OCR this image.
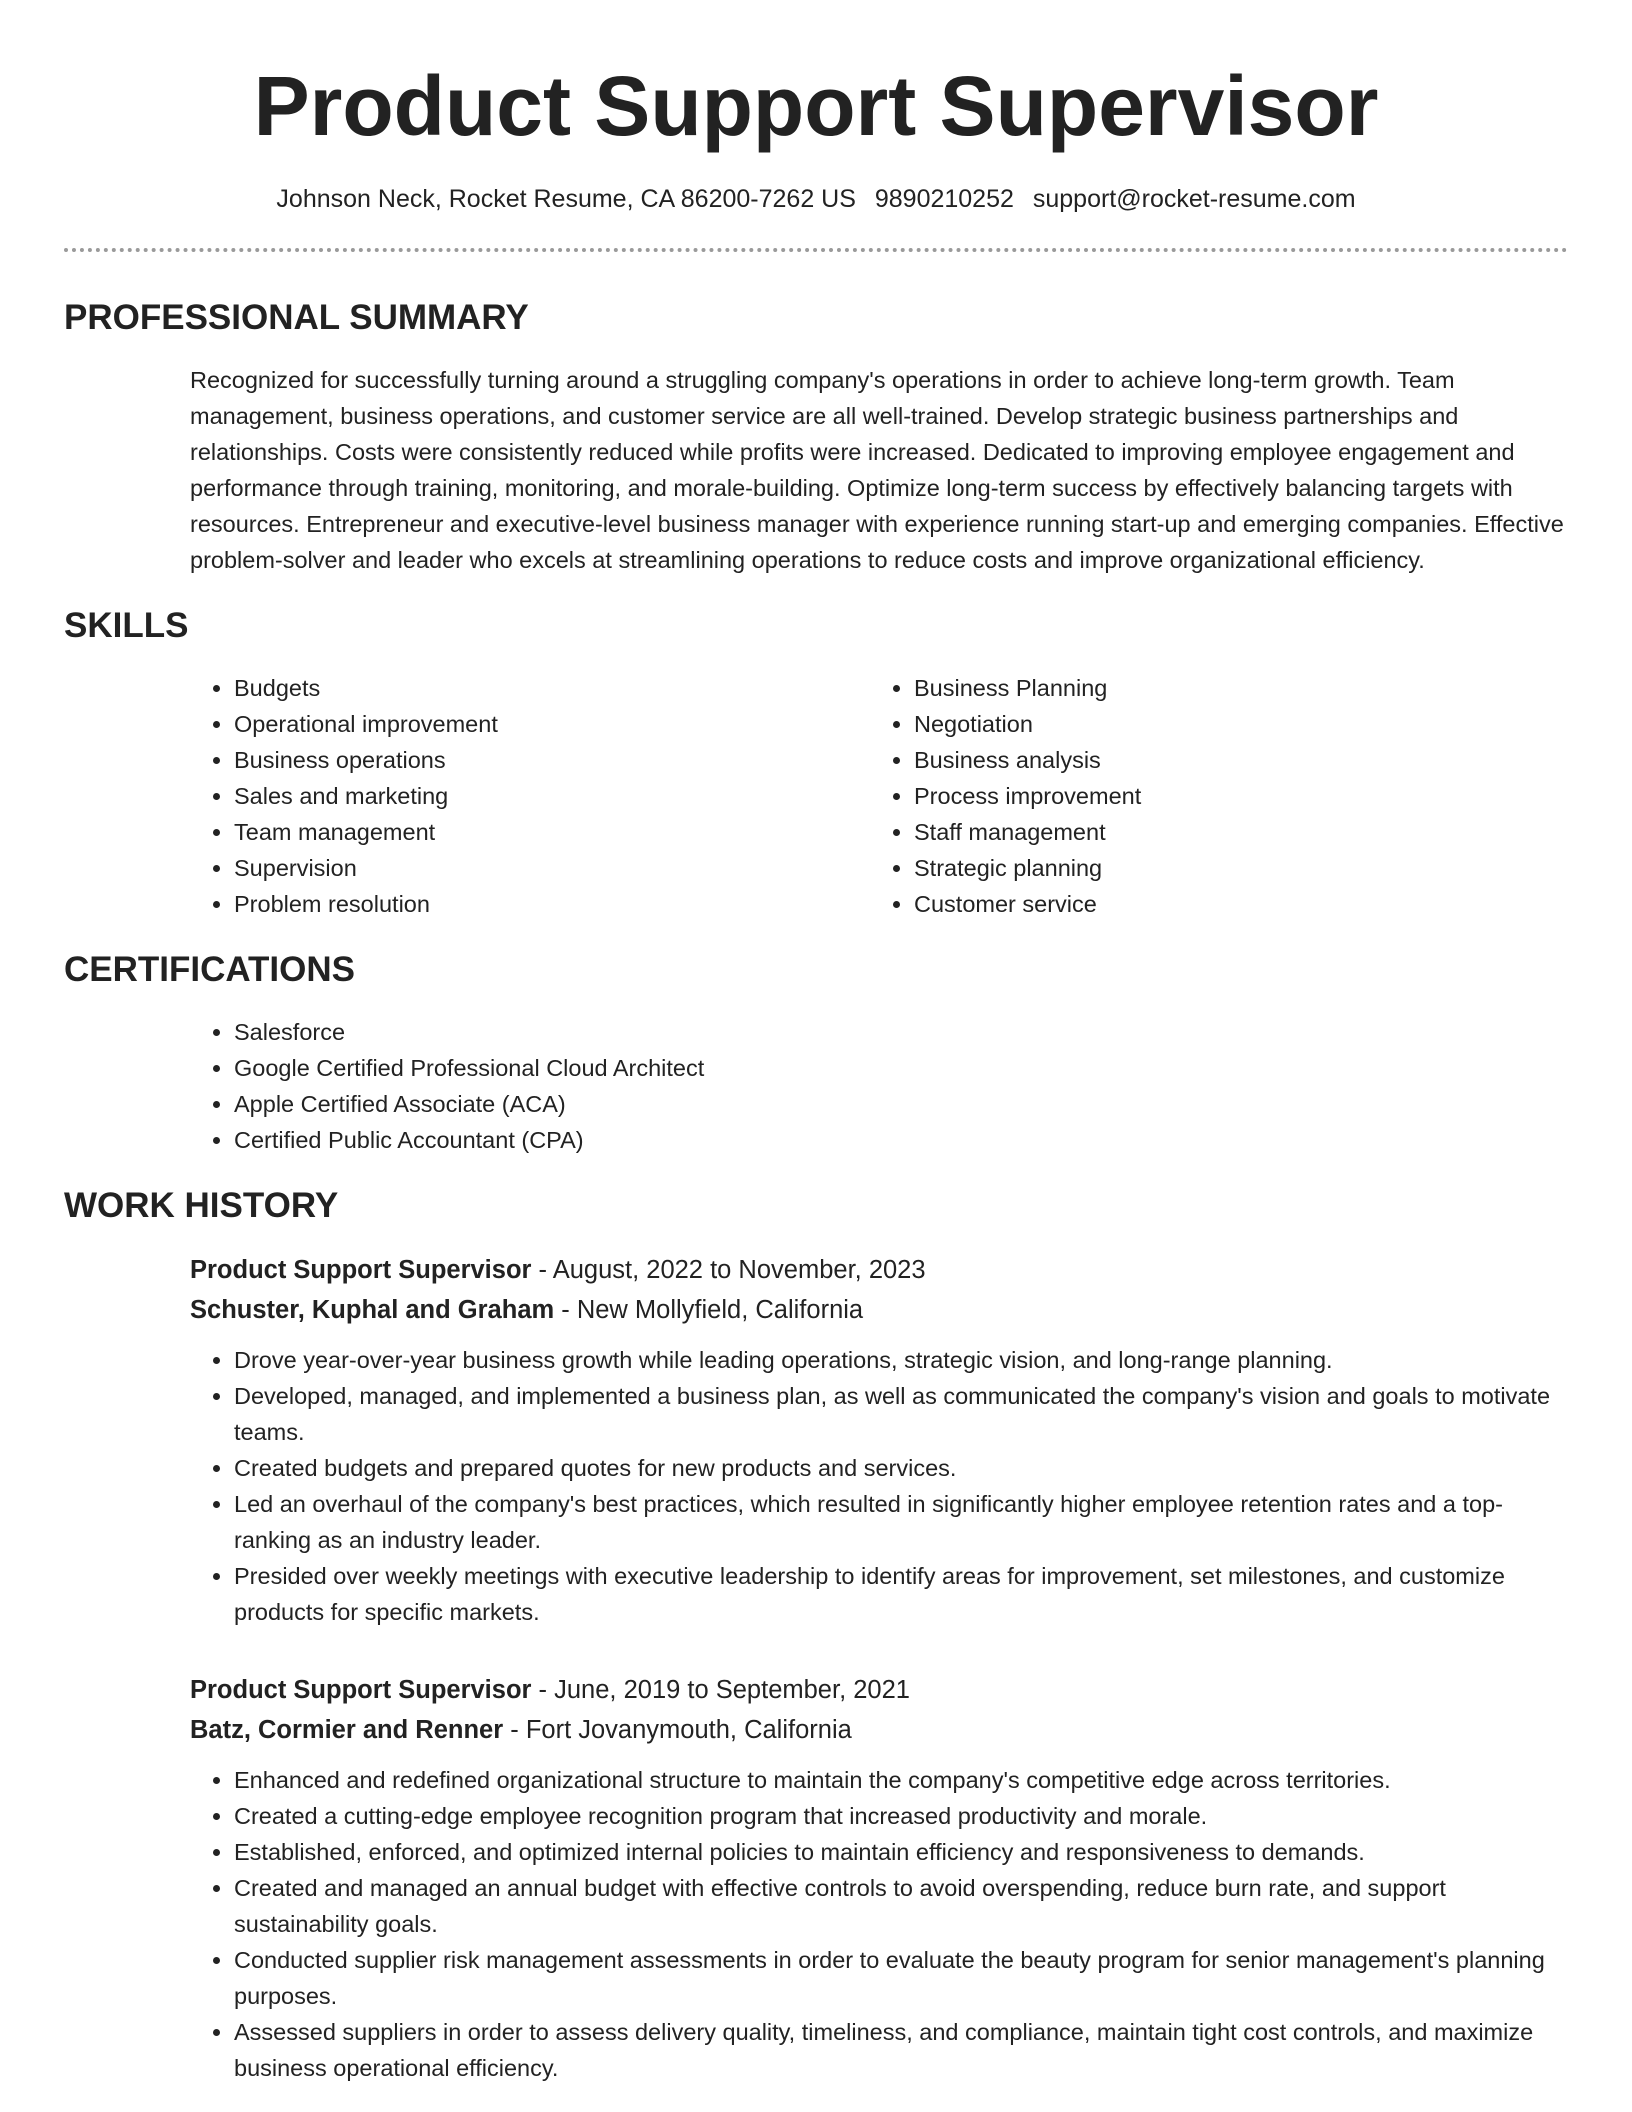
Product Support Supervisor
Johnson Neck, Rocket Resume, CA 86200-7262 US 9890210252 support@rocket-resume.com
PROFESSIONAL SUMMARY
Recognized for successfully turning around a struggling company's operations in order to achieve long-term growth. Team management, business operations, and customer service are all well-trained. Develop strategic business partnerships and relationships. Costs were consistently reduced while profits were increased. Dedicated to improving employee engagement and performance through training, monitoring, and morale-building. Optimize long-term success by effectively balancing targets with resources. Entrepreneur and executive-level business manager with experience running start-up and emerging companies. Effective problem-solver and leader who excels at streamlining operations to reduce costs and improve organizational efficiency.
SKILLS
• Budgets
• Operational improvement
• Business operations
• Sales and marketing
• Team management
• Supervision
• Problem resolution
• Business Planning
• Negotiation
• Business analysis
• Process improvement
• Staff management
• Strategic planning
• Customer service
CERTIFICATIONS
• Salesforce
• Google Certified Professional Cloud Architect
• Apple Certified Associate (ACA)
• Certified Public Accountant (CPA)
WORK HISTORY
Product Support Supervisor - August, 2022 to November, 2023
Schuster, Kuphal and Graham - New Mollyfield, California
• Drove year-over-year business growth while leading operations, strategic vision, and long-range planning.
• Developed, managed, and implemented a business plan, as well as communicated the company's vision and goals to motivate teams.
• Created budgets and prepared quotes for new products and services.
• Led an overhaul of the company's best practices, which resulted in significantly higher employee retention rates and a top-ranking as an industry leader.
• Presided over weekly meetings with executive leadership to identify areas for improvement, set milestones, and customize products for specific markets.
Product Support Supervisor - June, 2019 to September, 2021
Batz, Cormier and Renner - Fort Jovanymouth, California
• Enhanced and redefined organizational structure to maintain the company's competitive edge across territories.
• Created a cutting-edge employee recognition program that increased productivity and morale.
• Established, enforced, and optimized internal policies to maintain efficiency and responsiveness to demands.
• Created and managed an annual budget with effective controls to avoid overspending, reduce burn rate, and support sustainability goals.
• Conducted supplier risk management assessments in order to evaluate the beauty program for senior management's planning purposes.
• Assessed suppliers in order to assess delivery quality, timeliness, and compliance, maintain tight cost controls, and maximize business operational efficiency.
